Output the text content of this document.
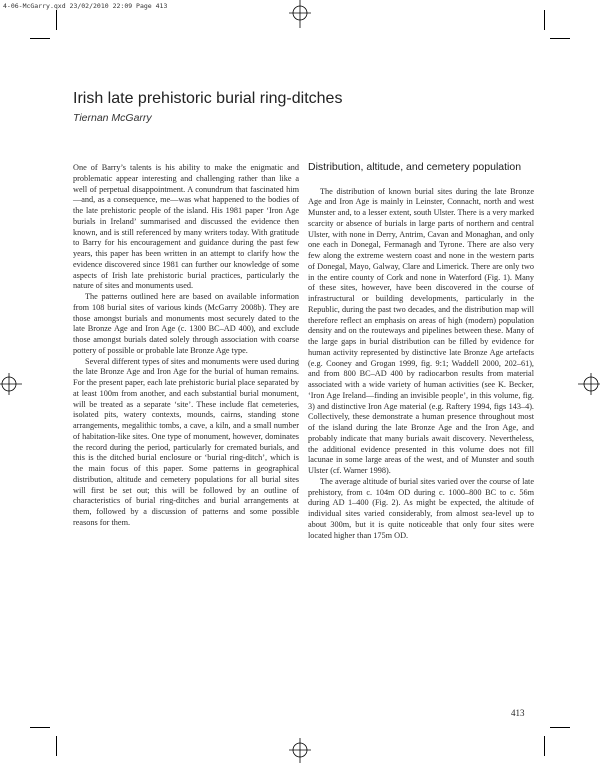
4-06-McGarry.qxd 23/02/2010 22:09 Page 413
Irish late prehistoric burial ring-ditches
Tiernan McGarry

One of Barry’s talents is his ability to make the enigmatic and problematic appear interesting and challenging rather than like a well of perpetual disappointment. A conundrum that fascinated him—and, as a consequence, me—was what happened to the bodies of the late prehistoric people of the island. His 1981 paper ‘Iron Age burials in Ireland’ summarised and discussed the evidence then known, and is still referenced by many writers today. With gratitude to Barry for his encouragement and guidance during the past few years, this paper has been written in an attempt to clarify how the evidence discovered since 1981 can further our knowledge of some aspects of Irish late prehistoric burial practices, particularly the nature of sites and monuments used.

The patterns outlined here are based on available information from 108 burial sites of various kinds (McGarry 2008b). They are those amongst burials and monuments most securely dated to the late Bronze Age and Iron Age (c. 1300 BC–AD 400), and exclude those amongst burials dated solely through association with coarse pottery of possible or probable late Bronze Age type.

Several different types of sites and monuments were used during the late Bronze Age and Iron Age for the burial of human remains. For the present paper, each late prehistoric burial place separated by at least 100m from another, and each substantial burial monument, will be treated as a separate ‘site’. These include flat cemeteries, isolated pits, watery contexts, mounds, cairns, standing stone arrangements, megalithic tombs, a cave, a kiln, and a small number of habitation-like sites. One type of monument, however, dominates the record during the period, particularly for cremated burials, and this is the ditched burial enclosure or ‘burial ring-ditch’, which is the main focus of this paper. Some patterns in geographical distribution, altitude and cemetery populations for all burial sites will first be set out; this will be followed by an outline of characteristics of burial ring-ditches and burial arrangements at them, followed by a discussion of patterns and some possible reasons for them.

Distribution, altitude, and cemetery population

The distribution of known burial sites during the late Bronze Age and Iron Age is mainly in Leinster, Connacht, north and west Munster and, to a lesser extent, south Ulster. There is a very marked scarcity or absence of burials in large parts of northern and central Ulster, with none in Derry, Antrim, Cavan and Monaghan, and only one each in Donegal, Fermanagh and Tyrone. There are also very few along the extreme western coast and none in the western parts of Donegal, Mayo, Galway, Clare and Limerick. There are only two in the entire county of Cork and none in Waterford (Fig. 1). Many of these sites, however, have been discovered in the course of infrastructural or building developments, particularly in the Republic, during the past two decades, and the distribution map will therefore reflect an emphasis on areas of high (modern) population density and on the routeways and pipelines between these. Many of the large gaps in burial distribution can be filled by evidence for human activity represented by distinctive late Bronze Age artefacts (e.g. Cooney and Grogan 1999, fig. 9:1; Waddell 2000, 202–61), and from 800 BC–AD 400 by radiocarbon results from material associated with a wide variety of human activities (see K. Becker, ‘Iron Age Ireland—finding an invisible people’, in this volume, fig. 3) and distinctive Iron Age material (e.g. Raftery 1994, figs 143–4). Collectively, these demonstrate a human presence throughout most of the island during the late Bronze Age and the Iron Age, and probably indicate that many burials await discovery. Nevertheless, the additional evidence presented in this volume does not fill lacunae in some large areas of the west, and of Munster and south Ulster (cf. Warner 1998).

The average altitude of burial sites varied over the course of late prehistory, from c. 104m OD during c. 1000–800 BC to c. 56m during AD 1–400 (Fig. 2). As might be expected, the altitude of individual sites varied considerably, from almost sea-level up to about 300m, but it is quite noticeable that only four sites were located higher than 175m OD.

413
